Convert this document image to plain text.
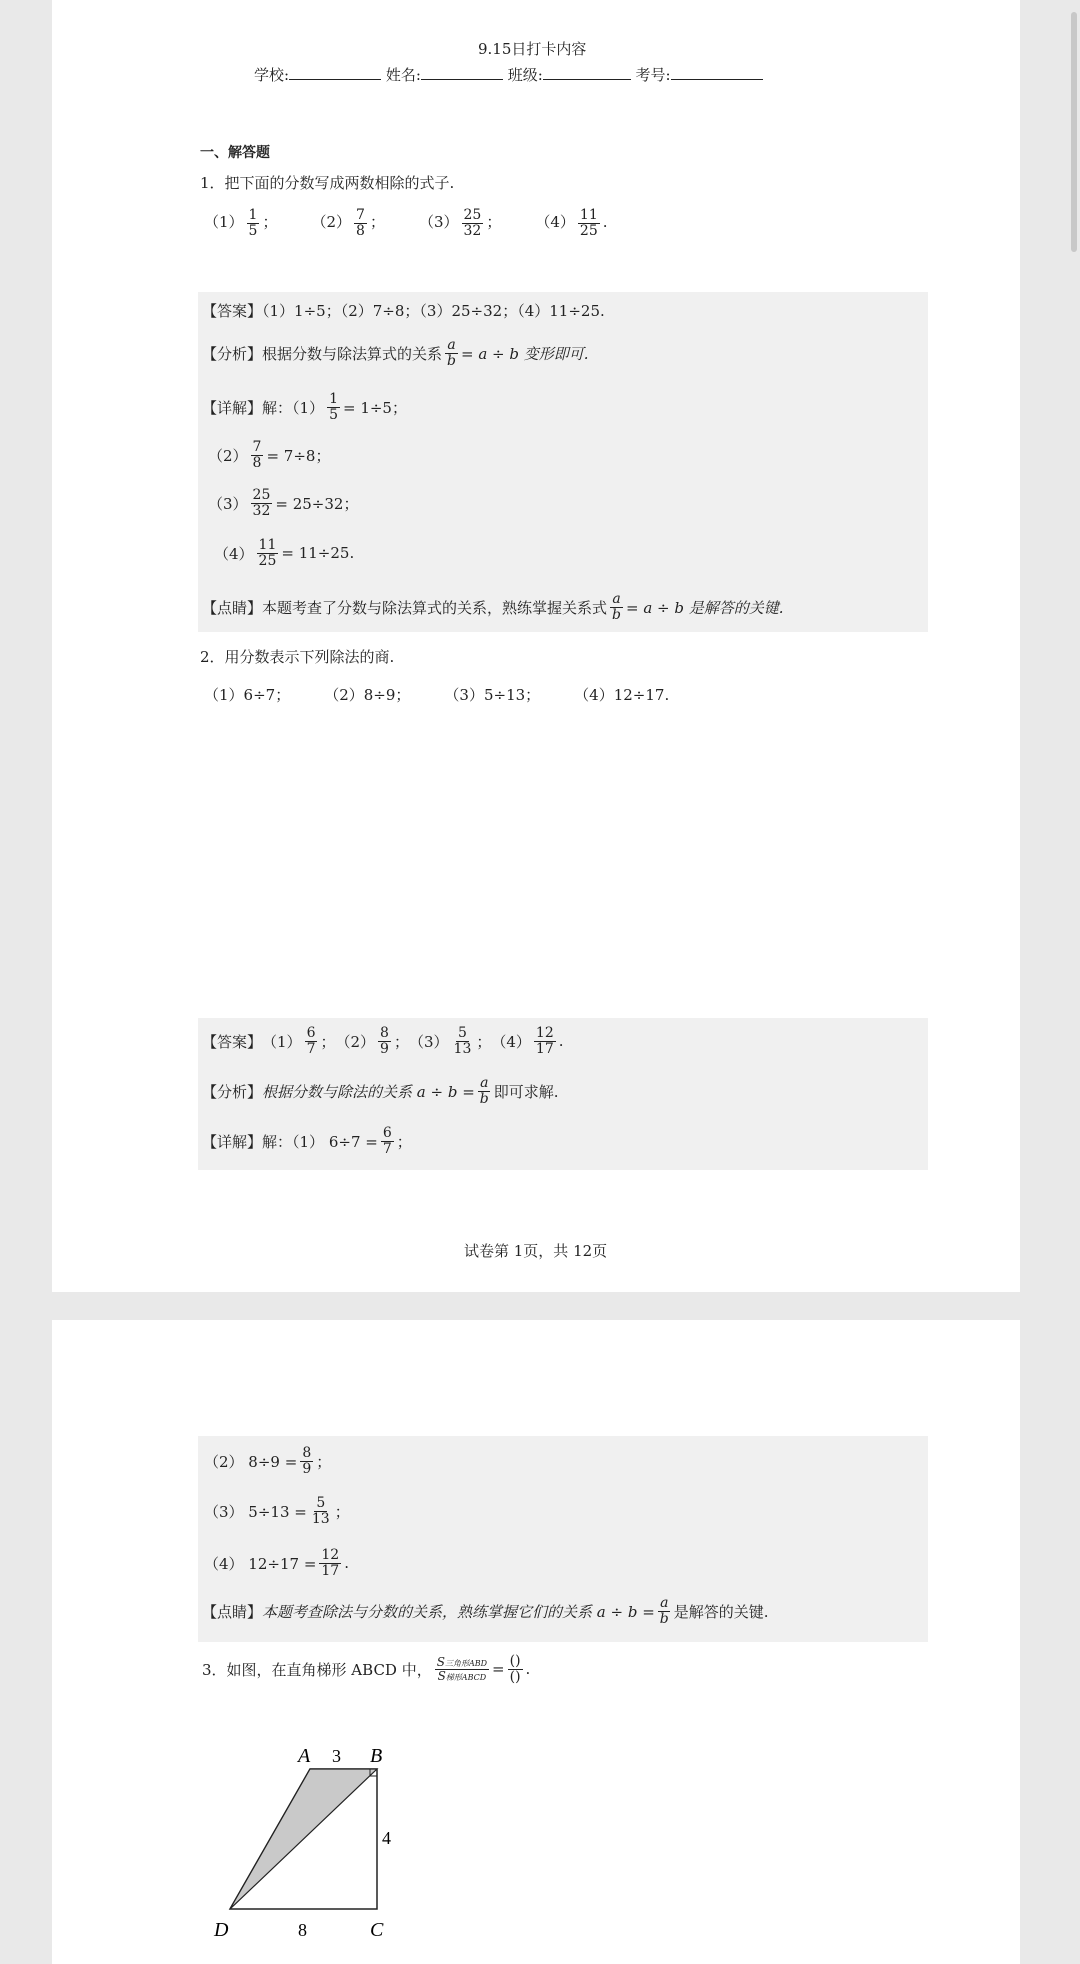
9.15日打卡内容
学校:	姓名:	班级:	考号:
一、解答题
1．把下面的分数写成两数相除的式子.
$(1) \frac{1}{5}$ ； $(2) \frac{7}{8}$ ； $(3) \frac{25}{32}$ ； $(4) \frac{11}{25}$ .
【答案】（1）1÷5；（2）7÷8；（3）25÷32；（4）11÷25.
【分析】 根据分数与除法算式的关系 $\frac{a}{b} = a \div b$ 变形即可.
【详解】 解：$(1) \frac{1}{5} = 1\div 5$；
$(2) \frac{7}{8} = 7\div 8$；
$(3) \frac{25}{32} = 25\div 32$；
$(4) \frac{11}{25} = 11\div 25$.
【点睛】 本题考查了分数与除法算式的关系，熟练掌握关系式 $\frac{a}{b} = a \div b$ 是解答的关键.
2．用分数表示下列除法的商.
（1）6÷7； （2）8÷9； （3）5÷13； （4）12÷17.
【答案】 $(1) \frac{6}{7}$ ； $(2) \frac{8}{9}$ ； $(3) \frac{5}{13}$ ； $(4) \frac{12}{17}$ .
【分析】 根据分数与除法的关系 $a \div b = \frac{a}{b}$ 即可求解.
【详解】 解：（1） $6\div 7 = \frac{6}{7}$ ；
试卷第 1页，共 12页
（2） $8\div 9 = \frac{8}{9}$ ；
（3） $5\div 13 = \frac{5}{13}$ ；
（4） $12\div 17 = \frac{12}{17}$ .
【点睛】 本题考查除法与分数的关系，熟练掌握它们的关系 $a \div b = \frac{a}{b}$ 是解答的关键.
3．如图，在直角梯形 ABCD 中， $\frac{\text{S三角形ABD}}{\text{S梯形ABCD}} = \frac{()}{()}$ .
A 3 B
4
D	8	C
